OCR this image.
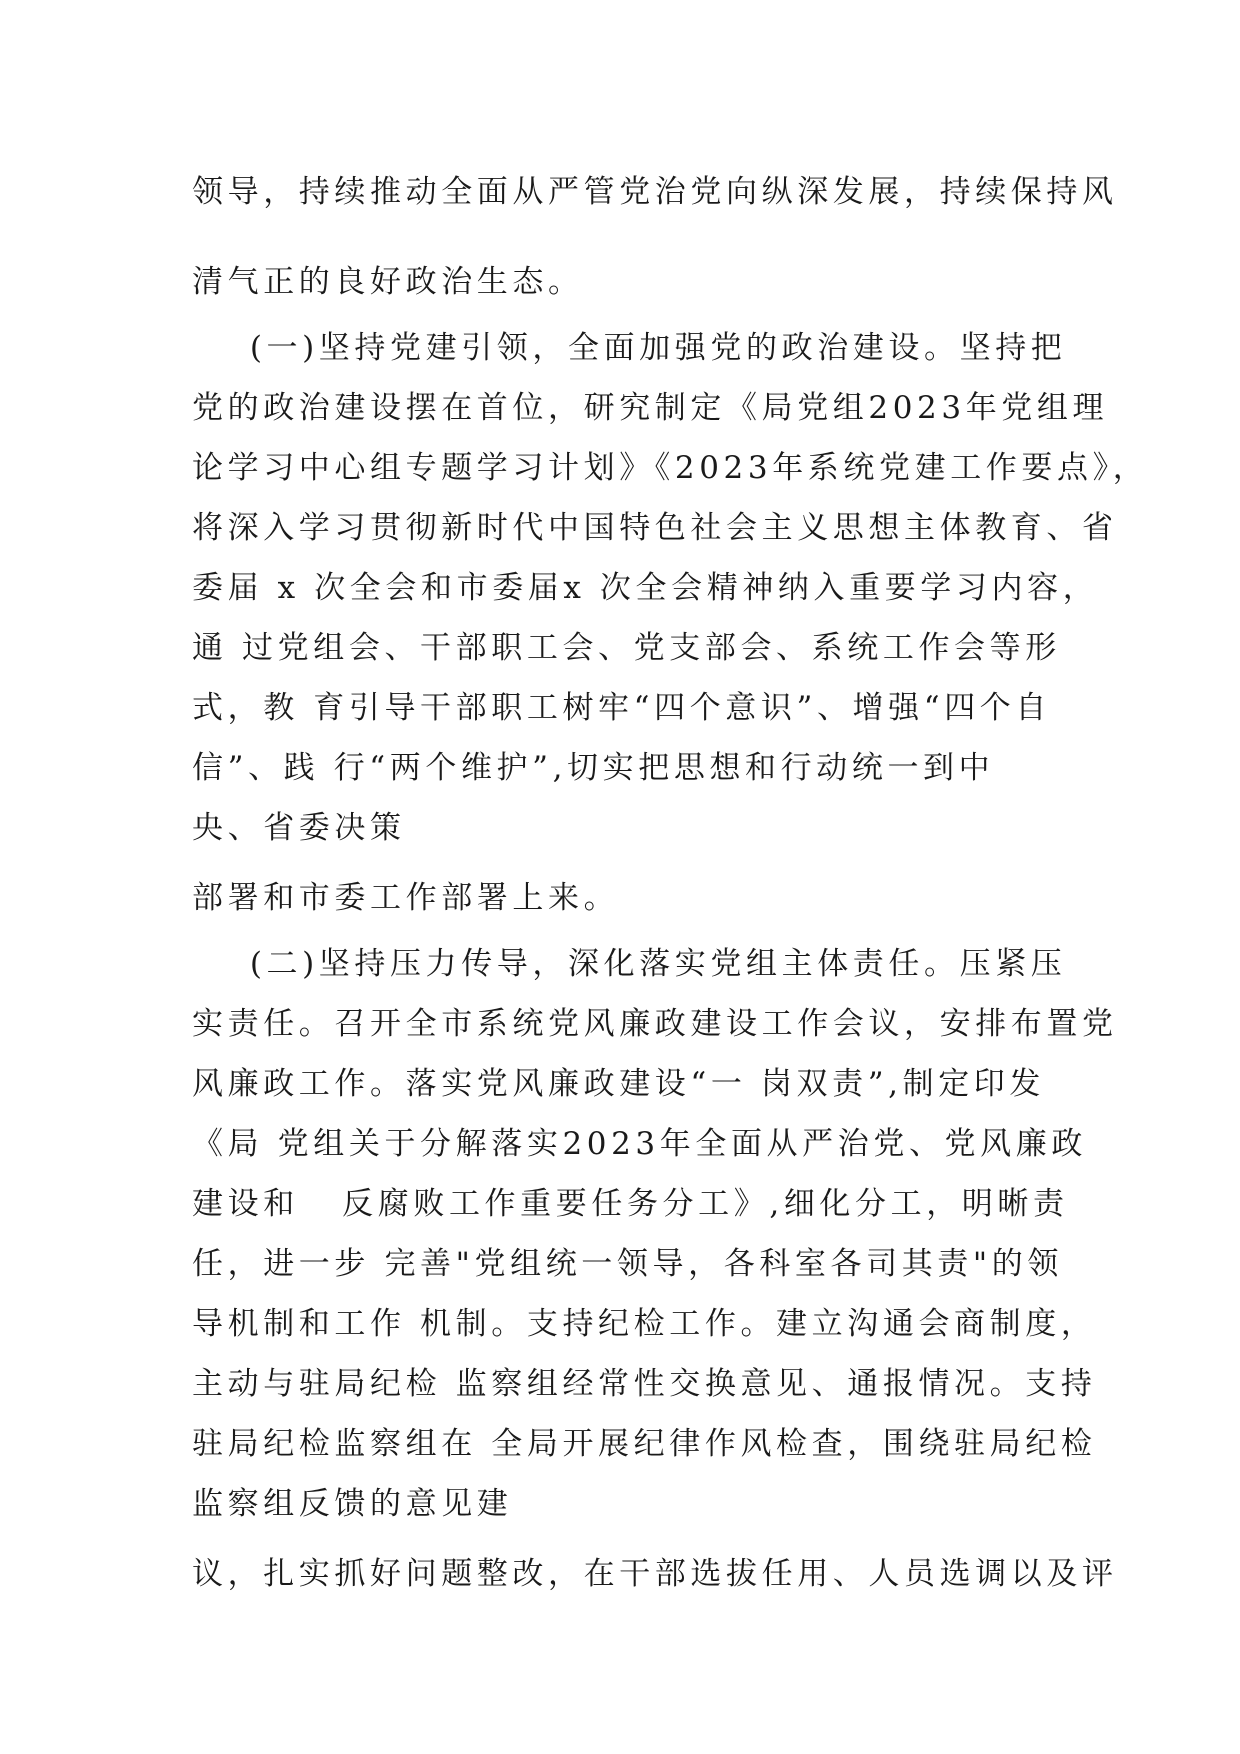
领导，持续推动全面从严管党治党向纵深发展，持续保持风

清气正的良好政治生态。

(一)坚持党建引领，全面加强党的政治建设。坚持把

党的政治建设摆在首位，研究制定《局党组2023年党组理

论学习中心组专题学习计划》《2023年系统党建工作要点》，

将深入学习贯彻新时代中国特色社会主义思想主体教育、省

委届 x 次全会和市委届x 次全会精神纳入重要学习内容，

通 过党组会、干部职工会、党支部会、系统工作会等形

式，教 育引导干部职工树牢“四个意识”、增强“四个自

信”、践 行“两个维护”,切实把思想和行动统一到中

央、省委决策

部署和市委工作部署上来。

(二)坚持压力传导，深化落实党组主体责任。压紧压

实责任。召开全市系统党风廉政建设工作会议，安排布置党

风廉政工作。落实党风廉政建设“一 岗双责”,制定印发

《局 党组关于分解落实2023年全面从严治党、党风廉政

建设和   反腐败工作重要任务分工》,细化分工，明晰责

任，进一步 完善"党组统一领导，各科室各司其责"的领

导机制和工作 机制。支持纪检工作。建立沟通会商制度，

主动与驻局纪检 监察组经常性交换意见、通报情况。支持

驻局纪检监察组在 全局开展纪律作风检查，围绕驻局纪检

监察组反馈的意见建

议，扎实抓好问题整改，在干部选拔任用、人员选调以及评
